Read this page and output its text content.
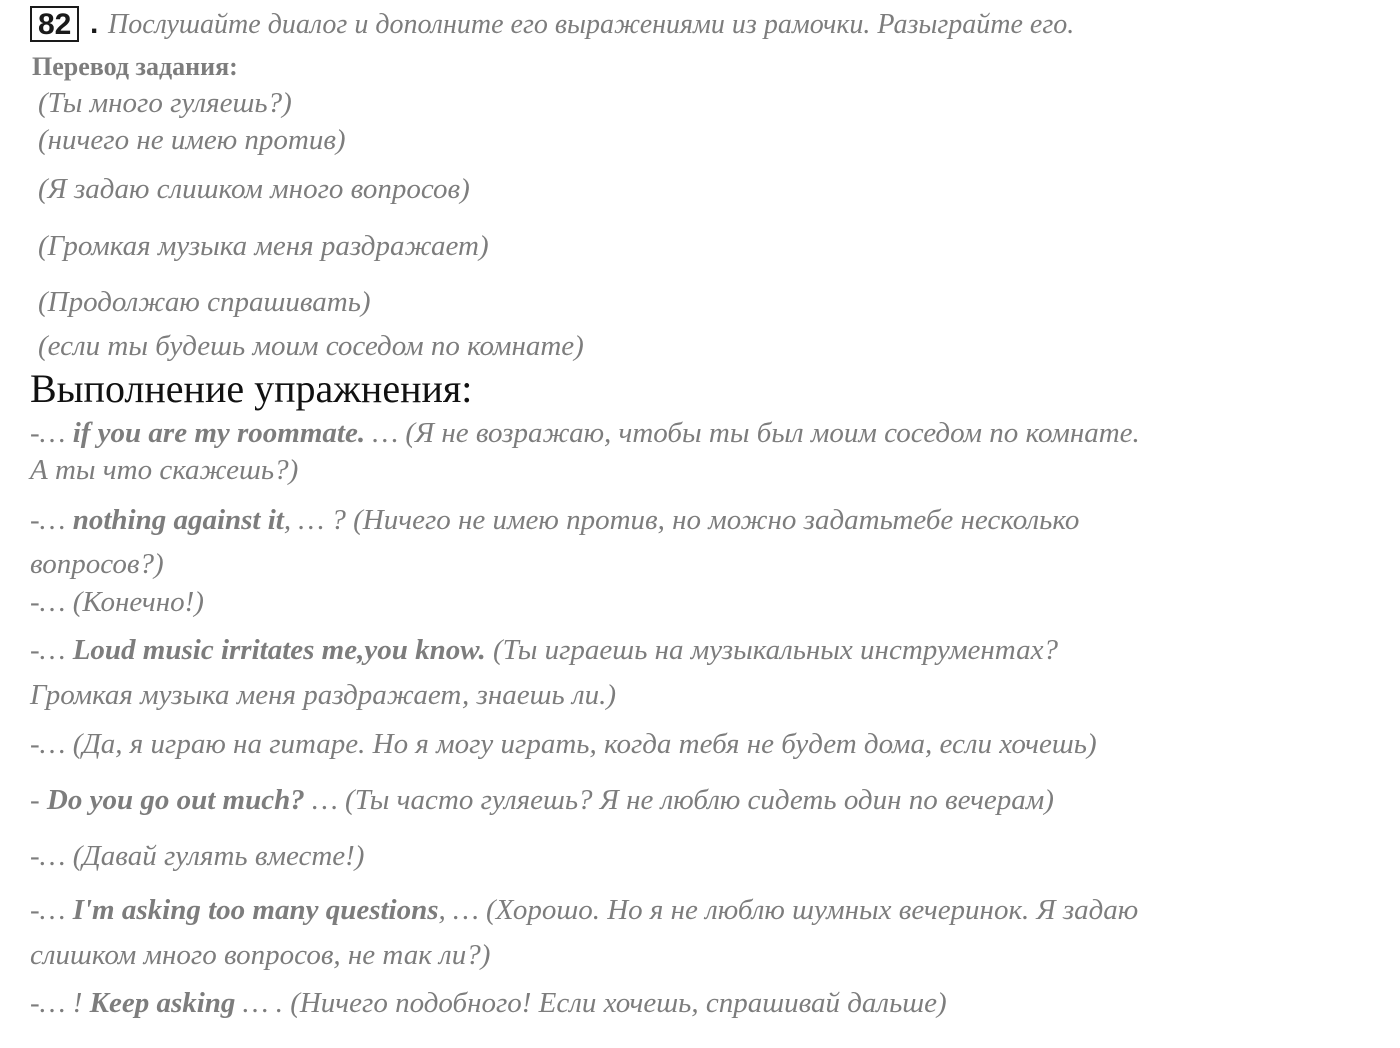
82 . Послушайте диалог и дополните его выражениями из рамочки. Разыграйте его.
Перевод задания:
(Ты много гуляешь?)
(ничего не имею против)
(Я задаю слишком много вопросов)
(Громкая музыка меня раздражает)
(Продолжаю спрашивать)
(если ты будешь моим соседом по комнате)
Выполнение упражнения:
-… if you are my roommate. … (Я не возражаю, чтобы ты был моим соседом по комнате.
А ты что скажешь?)
-… nothing against it, … ? (Ничего не имею против, но можно задатьтебе несколько
вопросов?)
-… (Конечно!)
-… Loud music irritates me,you know. (Ты играешь на музыкальных инструментах?
Громкая музыка меня раздражает, знаешь ли.)
-… (Да, я играю на гитаре. Но я могу играть, когда тебя не будет дома, если хочешь)
- Do you go out much? … (Ты часто гуляешь? Я не люблю сидеть один по вечерам)
-… (Давай гулять вместе!)
-… I'm asking too many questions, … (Хорошо. Но я не люблю шумных вечеринок. Я задаю
слишком много вопросов, не так ли?)
-… ! Keep asking … . (Ничего подобного! Если хочешь, спрашивай дальше)
